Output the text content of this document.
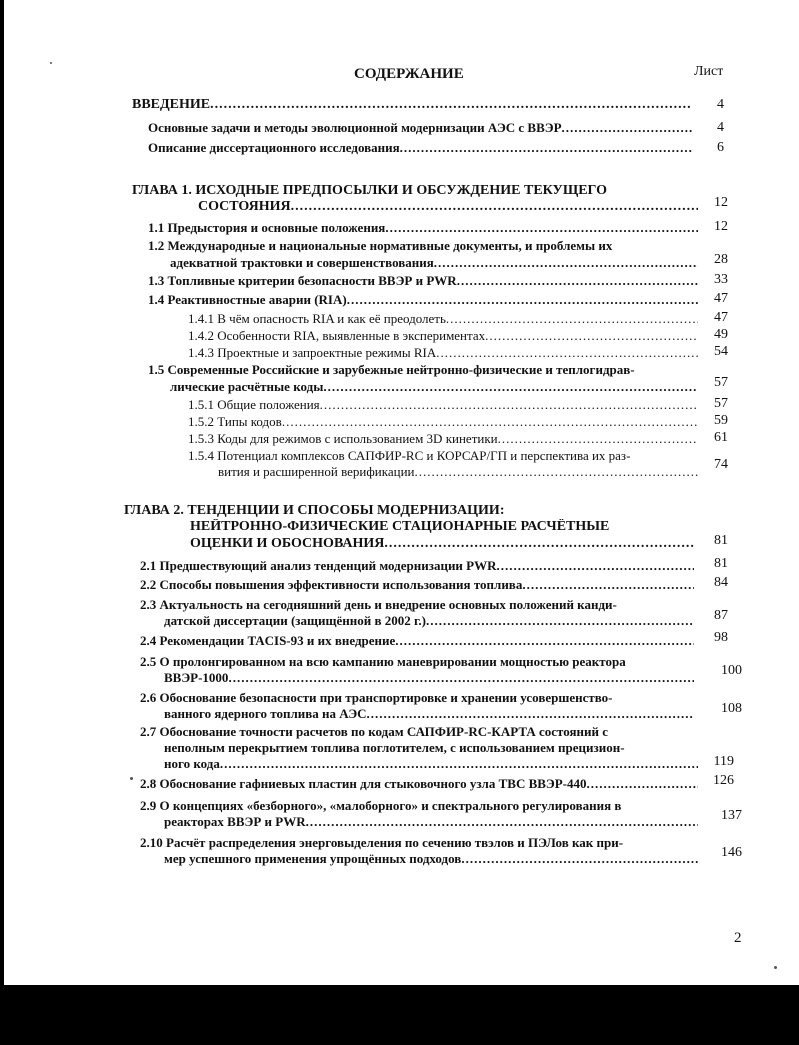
СОДЕРЖАНИЕ	Лист
ВВЕДЕНИЕ .....	4
Основные задачи и методы эволюционной модернизации АЭС с ВВЭР .....	4
Описание диссертационного исследования .....	6
ГЛАВА 1. ИСХОДНЫЕ ПРЕДПОСЫЛКИ И ОБСУЖДЕНИЕ ТЕКУЩЕГО
СОСТОЯНИЯ .....	12
1.1 Предыстория и основные положения .....	12
1.2 Международные и национальные нормативные документы, и проблемы их
адекватной трактовки и совершенствования .....	28
1.3 Топливные критерии безопасности ВВЭР и PWR .....	33
1.4 Реактивностные аварии (RIA) .....	47
1.4.1 В чём опасность RIA и как её преодолеть .....	47
1.4.2 Особенности RIA, выявленные в экспериментах .....	49
1.4.3 Проектные и запроектные режимы RIA .....	54
1.5 Современные Российские и зарубежные нейтронно-физические и теплогидрав-
лические расчётные коды .....	57
1.5.1 Общие положения .....	57
1.5.2 Типы кодов .....	59
1.5.3 Коды для режимов с использованием 3D кинетики .....	61
1.5.4 Потенциал комплексов САПФИР-RC и КОРСАР/ГП и перспектива их раз-
вития и расширенной верификации .....	74
ГЛАВА 2. ТЕНДЕНЦИИ И СПОСОБЫ МОДЕРНИЗАЦИИ:
НЕЙТРОННО-ФИЗИЧЕСКИЕ СТАЦИОНАРНЫЕ РАСЧЁТНЫЕ
ОЦЕНКИ И ОБОСНОВАНИЯ .....	81
2.1 Предшествующий анализ тенденций модернизации PWR .....	81
2.2 Способы повышения эффективности использования топлива .....	84
2.3 Актуальность на сегодняшний день и внедрение основных положений канди-
датской диссертации (защищённой в 2002 г.) .....	87
2.4 Рекомендации TACIS-93 и их внедрение .....	98
2.5 О пролонгированном на всю кампанию маневрировании мощностью реактора
ВВЭР-1000 .....	100
2.6 Обоснование безопасности при транспортировке и хранении усовершенство-
ванного ядерного топлива на АЭС .....	108
2.7 Обоснование точности расчетов по кодам САПФИР-RC-КАРТА состояний с
неполным перекрытием топлива поглотителем, с использованием прецизион-
ного кода .....	119
2.8 Обоснование гафниевых пластин для стыковочного узла ТВС ВВЭР-440 .....	126
2.9 О концепциях «безборного», «малоборного» и спектрального регулирования в
реакторах ВВЭР и PWR .....	137
2.10 Расчёт распределения энерговыделения по сечению твэлов и ПЭЛов как при-
мер успешного применения упрощённых подходов .....	146
2
